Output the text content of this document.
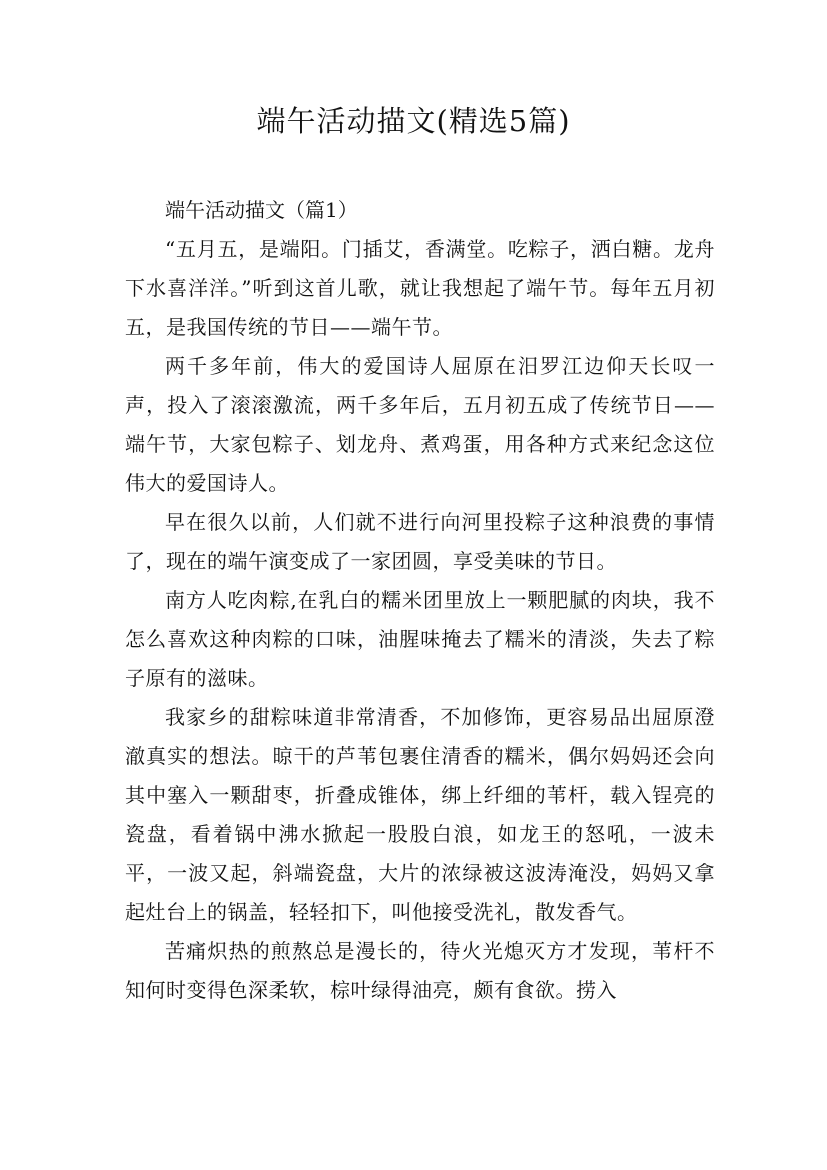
端午活动描文(精选5篇)
端午活动描文（篇1）

“五月五，是端阳。门插艾，香满堂。吃粽子，洒白糖。龙舟下水喜洋洋。”听到这首儿歌，就让我想起了端午节。每年五月初五，是我国传统的节日——端午节。

两千多年前，伟大的爱国诗人屈原在汨罗江边仰天长叹一声，投入了滚滚激流，两千多年后，五月初五成了传统节日——端午节，大家包粽子、划龙舟、煮鸡蛋，用各种方式来纪念这位伟大的爱国诗人。

早在很久以前，人们就不进行向河里投粽子这种浪费的事情了，现在的端午演变成了一家团圆，享受美味的节日。

南方人吃肉粽,在乳白的糯米团里放上一颗肥腻的肉块，我不怎么喜欢这种肉粽的口味，油腥味掩去了糯米的清淡，失去了粽子原有的滋味。

我家乡的甜粽味道非常清香，不加修饰，更容易品出屈原澄澈真实的想法。晾干的芦苇包裹住清香的糯米，偶尔妈妈还会向其中塞入一颗甜枣，折叠成锥体，绑上纤细的苇杆，载入锃亮的瓷盘，看着锅中沸水掀起一股股白浪，如龙王的怒吼，一波未平，一波又起，斜端瓷盘，大片的浓绿被这波涛淹没，妈妈又拿起灶台上的锅盖，轻轻扣下，叫他接受洗礼，散发香气。

苦痛炽热的煎熬总是漫长的，待火光熄灭方才发现，苇杆不知何时变得色深柔软，棕叶绿得油亮，颇有食欲。捞入
